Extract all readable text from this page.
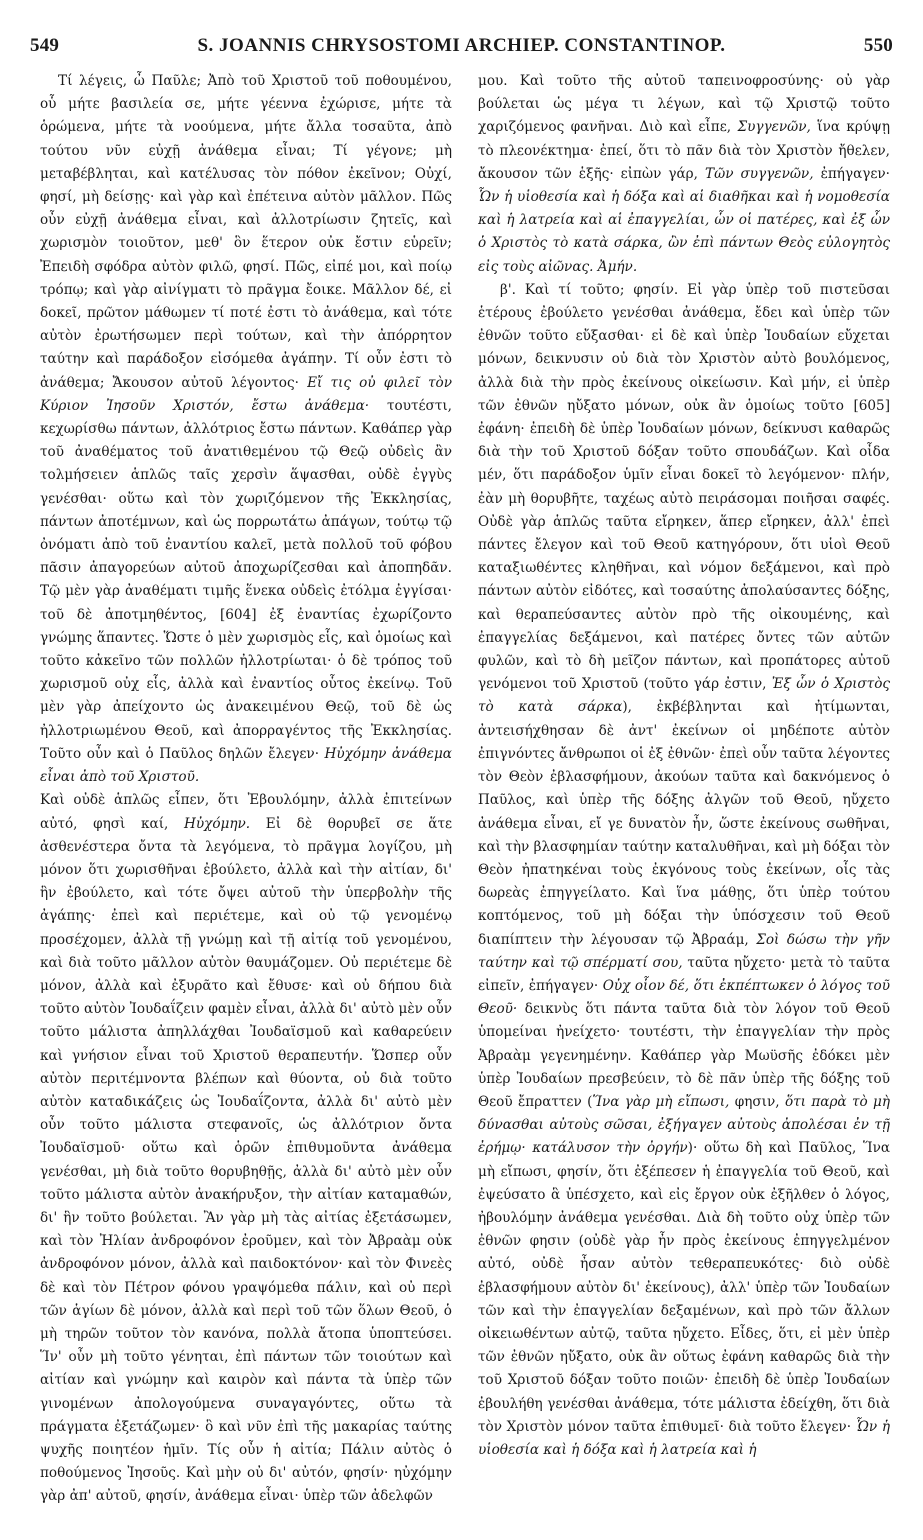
549	S. JOANNIS CHRYSOSTOMI ARCHIEP. CONSTANTINOP.	550

Τί λέγεις, ὦ Παῦλε; Ἀπὸ τοῦ Χριστοῦ τοῦ ποθουμένου, οὗ μήτε βασιλεία σε, μήτε γέεννα ἐχώρισε, μήτε τὰ ὁρώμενα, μήτε τὰ νοούμενα, μήτε ἄλλα τοσαῦτα, ἀπὸ τούτου νῦν εὐχῇ ἀνάθεμα εἶναι; Τί γέγονε; μὴ μεταβέβληται, καὶ κατέλυσας τὸν πόθον ἐκεῖνον; Οὐχί, φησί, μὴ δείσῃς· καὶ γὰρ καὶ ἐπέτεινα αὐτὸν μᾶλλον. Πῶς οὖν εὐχῇ ἀνάθεμα εἶναι, καὶ ἀλλοτρίωσιν ζητεῖς, καὶ χωρισμὸν τοιοῦτον, μεθ' ὃν ἕτερον οὐκ ἔστιν εὑρεῖν; Ἐπειδὴ σφόδρα αὐτὸν φιλῶ, φησί. Πῶς, εἰπέ μοι, καὶ ποίῳ τρόπῳ; καὶ γὰρ αἰνίγματι τὸ πρᾶγμα ἔοικε. Μᾶλλον δέ, εἰ δοκεῖ, πρῶτον μάθωμεν τί ποτέ ἐστι τὸ ἀνάθεμα, καὶ τότε αὐτὸν ἐρωτήσωμεν περὶ τούτων, καὶ τὴν ἀπόρρητον ταύτην καὶ παράδοξον εἰσόμεθα ἀγάπην. Τί οὖν ἐστι τὸ ἀνάθεμα; Ἄκουσον αὐτοῦ λέγοντος· Εἴ τις οὐ φιλεῖ τὸν Κύριον Ἰησοῦν Χριστόν, ἔστω ἀνάθεμα· τουτέστι, κεχωρίσθω πάντων, ἀλλότριος ἔστω πάντων. Καθάπερ γὰρ τοῦ ἀναθέματος τοῦ ἀνατιθεμένου τῷ Θεῷ οὐδεὶς ἂν τολμήσειεν ἁπλῶς ταῖς χερσὶν ἅψασθαι, οὐδὲ ἐγγὺς γενέσθαι· οὕτω καὶ τὸν χωριζόμενον τῆς Ἐκκλησίας, πάντων ἀποτέμνων, καὶ ὡς πορρωτάτω ἀπάγων, τούτῳ τῷ ὀνόματι ἀπὸ τοῦ ἐναντίου καλεῖ, μετὰ πολλοῦ τοῦ φόβου πᾶσιν ἀπαγορεύων αὐτοῦ ἀποχωρίζεσθαι καὶ ἀποπηδᾶν. Τῷ μὲν γὰρ ἀναθέματι τιμῆς ἕνεκα οὐδεὶς ἐτόλμα ἐγγίσαι· τοῦ δὲ ἀποτμηθέντος, [604] ἐξ ἐναντίας ἐχωρίζοντο γνώμης ἅπαντες. Ὥστε ὁ μὲν χωρισμὸς εἷς, καὶ ὁμοίως καὶ τοῦτο κἀκεῖνο τῶν πολλῶν ἠλλοτρίωται· ὁ δὲ τρόπος τοῦ χωρισμοῦ οὐχ εἷς, ἀλλὰ καὶ ἐναντίος οὗτος ἐκείνῳ. Τοῦ μὲν γὰρ ἀπείχοντο ὡς ἀνακειμένου Θεῷ, τοῦ δὲ ὡς ἠλλοτριωμένου Θεοῦ, καὶ ἀπορραγέντος τῆς Ἐκκλησίας. Τοῦτο οὖν καὶ ὁ Παῦλος δηλῶν ἔλεγεν· Ηὐχόμην ἀνάθεμα εἶναι ἀπὸ τοῦ Χριστοῦ.

Καὶ οὐδὲ ἁπλῶς εἶπεν, ὅτι Ἐβουλόμην, ἀλλὰ ἐπιτείνων αὐτό, φησὶ καί, Ηὐχόμην. Εἰ δὲ θορυβεῖ σε ἅτε ἀσθενέστερα ὄντα τὰ λεγόμενα, τὸ πρᾶγμα λογίζου, μὴ μόνον ὅτι χωρισθῆναι ἐβούλετο, ἀλλὰ καὶ τὴν αἰτίαν, δι' ἣν ἐβούλετο, καὶ τότε ὄψει αὐτοῦ τὴν ὑπερβολὴν τῆς ἀγάπης· ἐπεὶ καὶ περιέτεμε, καὶ οὐ τῷ γενομένῳ προσέχομεν, ἀλλὰ τῇ γνώμῃ καὶ τῇ αἰτίᾳ τοῦ γενομένου, καὶ διὰ τοῦτο μᾶλλον αὐτὸν θαυμάζομεν. Οὐ περιέτεμε δὲ μόνον, ἀλλὰ καὶ ἐξυρᾶτο καὶ ἔθυσε· καὶ οὐ δήπου διὰ τοῦτο αὐτὸν Ἰουδαΐζειν φαμὲν εἶναι, ἀλλὰ δι' αὐτὸ μὲν οὖν τοῦτο μάλιστα ἀπηλλάχθαι Ἰουδαϊσμοῦ καὶ καθαρεύειν καὶ γνήσιον εἶναι τοῦ Χριστοῦ θεραπευτήν. Ὥσπερ οὖν αὐτὸν περιτέμνοντα βλέπων καὶ θύοντα, οὐ διὰ τοῦτο αὐτὸν καταδικάζεις ὡς Ἰουδαΐζοντα, ἀλλὰ δι' αὐτὸ μὲν οὖν τοῦτο μάλιστα στεφανοῖς, ὡς ἀλλότριον ὄντα Ἰουδαϊσμοῦ· οὕτω καὶ ὁρῶν ἐπιθυμοῦντα ἀνάθεμα γενέσθαι, μὴ διὰ τοῦτο θορυβηθῇς, ἀλλὰ δι' αὐτὸ μὲν οὖν τοῦτο μάλιστα αὐτὸν ἀνακήρυξον, τὴν αἰτίαν καταμαθών, δι' ἣν τοῦτο βούλεται. Ἂν γὰρ μὴ τὰς αἰτίας ἐξετάσωμεν, καὶ τὸν Ἠλίαν ἀνδροφόνον ἐροῦμεν, καὶ τὸν Ἀβραὰμ οὐκ ἀνδροφόνον μόνον, ἀλλὰ καὶ παιδοκτόνον· καὶ τὸν Φινεὲς δὲ καὶ τὸν Πέτρον φόνου γραψόμεθα πάλιν, καὶ οὐ περὶ τῶν ἁγίων δὲ μόνον, ἀλλὰ καὶ περὶ τοῦ τῶν ὅλων Θεοῦ, ὁ μὴ τηρῶν τοῦτον τὸν κανόνα, πολλὰ ἄτοπα ὑποπτεύσει. Ἵν' οὖν μὴ τοῦτο γένηται, ἐπὶ πάντων τῶν τοιούτων καὶ αἰτίαν καὶ γνώμην καὶ καιρὸν καὶ πάντα τὰ ὑπὲρ τῶν γινομένων ἀπολογούμενα συναγαγόντες, οὕτω τὰ πράγματα ἐξετάζωμεν· ὃ καὶ νῦν ἐπὶ τῆς μακαρίας ταύτης ψυχῆς ποιητέον ἡμῖν. Τίς οὖν ἡ αἰτία; Πάλιν αὐτὸς ὁ ποθούμενος Ἰησοῦς. Καὶ μὴν οὐ δι' αὐτόν, φησίν· ηὐχόμην γὰρ ἀπ' αὐτοῦ, φησίν, ἀνάθεμα εἶναι· ὑπὲρ τῶν ἀδελφῶν

μου. Καὶ τοῦτο τῆς αὐτοῦ ταπεινοφροσύνης· οὐ γὰρ βούλεται ὡς μέγα τι λέγων, καὶ τῷ Χριστῷ τοῦτο χαριζόμενος φανῆναι. Διὸ καὶ εἶπε, Συγγενῶν, ἵνα κρύψῃ τὸ πλεονέκτημα· ἐπεί, ὅτι τὸ πᾶν διὰ τὸν Χριστὸν ἤθελεν, ἄκουσον τῶν ἑξῆς· εἰπὼν γάρ, Τῶν συγγενῶν, ἐπήγαγεν· Ὧν ἡ υἱοθεσία καὶ ἡ δόξα καὶ αἱ διαθῆκαι καὶ ἡ νομοθεσία καὶ ἡ λατρεία καὶ αἱ ἐπαγγελίαι, ὧν οἱ πατέρες, καὶ ἐξ ὧν ὁ Χριστὸς τὸ κατὰ σάρκα, ὢν ἐπὶ πάντων Θεὸς εὐλογητὸς εἰς τοὺς αἰῶνας. Ἀμήν.

β'. Καὶ τί τοῦτο; φησίν. Εἰ γὰρ ὑπὲρ τοῦ πιστεῦσαι ἑτέρους ἐβούλετο γενέσθαι ἀνάθεμα, ἔδει καὶ ὑπὲρ τῶν ἐθνῶν τοῦτο εὔξασθαι· εἰ δὲ καὶ ὑπὲρ Ἰουδαίων εὔχεται μόνων, δεικνυσιν οὐ διὰ τὸν Χριστὸν αὐτὸ βουλόμενος, ἀλλὰ διὰ τὴν πρὸς ἐκείνους οἰκείωσιν. Καὶ μήν, εἰ ὑπὲρ τῶν ἐθνῶν ηὔξατο μόνων, οὐκ ἂν ὁμοίως τοῦτο [605] ἐφάνη· ἐπειδὴ δὲ ὑπὲρ Ἰουδαίων μόνων, δείκνυσι καθαρῶς διὰ τὴν τοῦ Χριστοῦ δόξαν τοῦτο σπουδάζων. Καὶ οἶδα μέν, ὅτι παράδοξον ὑμῖν εἶναι δοκεῖ τὸ λεγόμενον· πλήν, ἐὰν μὴ θορυβῆτε, ταχέως αὐτὸ πειράσομαι ποιῆσαι σαφές. Οὐδὲ γὰρ ἁπλῶς ταῦτα εἴρηκεν, ἅπερ εἴρηκεν, ἀλλ' ἐπεὶ πάντες ἔλεγον καὶ τοῦ Θεοῦ κατηγόρουν, ὅτι υἱοὶ Θεοῦ καταξιωθέντες κληθῆναι, καὶ νόμον δεξάμενοι, καὶ πρὸ πάντων αὐτὸν εἰδότες, καὶ τοσαύτης ἀπολαύσαντες δόξης, καὶ θεραπεύσαντες αὐτὸν πρὸ τῆς οἰκουμένης, καὶ ἐπαγγελίας δεξάμενοι, καὶ πατέρες ὄντες τῶν αὐτῶν φυλῶν, καὶ τὸ δὴ μεῖζον πάντων, καὶ προπάτορες αὐτοῦ γενόμενοι τοῦ Χριστοῦ (τοῦτο γάρ ἐστιν, Ἐξ ὧν ὁ Χριστὸς τὸ κατὰ σάρκα), ἐκβέβληνται καὶ ἠτίμωνται, ἀντεισήχθησαν δὲ ἀντ' ἐκείνων οἱ μηδέποτε αὐτὸν ἐπιγνόντες ἄνθρωποι οἱ ἐξ ἐθνῶν· ἐπεὶ οὖν ταῦτα λέγοντες τὸν Θεὸν ἐβλασφήμουν, ἀκούων ταῦτα καὶ δακνόμενος ὁ Παῦλος, καὶ ὑπὲρ τῆς δόξης ἀλγῶν τοῦ Θεοῦ, ηὔχετο ἀνάθεμα εἶναι, εἴ γε δυνατὸν ἦν, ὥστε ἐκείνους σωθῆναι, καὶ τὴν βλασφημίαν ταύτην καταλυθῆναι, καὶ μὴ δόξαι τὸν Θεὸν ἠπατηκέναι τοὺς ἐκγόνους τοὺς ἐκείνων, οἷς τὰς δωρεὰς ἐπηγγείλατο. Καὶ ἵνα μάθῃς, ὅτι ὑπὲρ τούτου κοπτόμενος, τοῦ μὴ δόξαι τὴν ὑπόσχεσιν τοῦ Θεοῦ διαπίπτειν τὴν λέγουσαν τῷ Ἀβραάμ, Σοὶ δώσω τὴν γῆν ταύτην καὶ τῷ σπέρματί σου, ταῦτα ηὔχετο· μετὰ τὸ ταῦτα εἰπεῖν, ἐπήγαγεν· Οὐχ οἷον δέ, ὅτι ἐκπέπτωκεν ὁ λόγος τοῦ Θεοῦ· δεικνὺς ὅτι πάντα ταῦτα διὰ τὸν λόγον τοῦ Θεοῦ ὑπομείναι ἠνείχετο· τουτέστι, τὴν ἐπαγγελίαν τὴν πρὸς Ἀβραὰμ γεγενημένην. Καθάπερ γὰρ Μωϋσῆς ἐδόκει μὲν ὑπὲρ Ἰουδαίων πρεσβεύειν, τὸ δὲ πᾶν ὑπὲρ τῆς δόξης τοῦ Θεοῦ ἔπραττεν (Ἵνα γὰρ μὴ εἴπωσι, φησιν, ὅτι παρὰ τὸ μὴ δύνασθαι αὐτοὺς σῶσαι, ἐξήγαγεν αὐτοὺς ἀπολέσαι ἐν τῇ ἐρήμῳ· κατάλυσον τὴν ὀργήν)· οὕτω δὴ καὶ Παῦλος, Ἵνα μὴ εἴπωσι, φησίν, ὅτι ἐξέπεσεν ἡ ἐπαγγελία τοῦ Θεοῦ, καὶ ἐψεύσατο ἃ ὑπέσχετο, καὶ εἰς ἔργον οὐκ ἐξῆλθεν ὁ λόγος, ἠβουλόμην ἀνάθεμα γενέσθαι. Διὰ δὴ τοῦτο οὐχ ὑπὲρ τῶν ἐθνῶν φησιν (οὐδὲ γὰρ ἦν πρὸς ἐκείνους ἐπηγγελμένον αὐτό, οὐδὲ ἦσαν αὐτὸν τεθεραπευκότες· διὸ οὐδὲ ἐβλασφήμουν αὐτὸν δι' ἐκείνους), ἀλλ' ὑπὲρ τῶν Ἰουδαίων τῶν καὶ τὴν ἐπαγγελίαν δεξαμένων, καὶ πρὸ τῶν ἄλλων οἰκειωθέντων αὐτῷ, ταῦτα ηὔχετο. Εἶδες, ὅτι, εἰ μὲν ὑπὲρ τῶν ἐθνῶν ηὔξατο, οὐκ ἂν οὕτως ἐφάνη καθαρῶς διὰ τὴν τοῦ Χριστοῦ δόξαν τοῦτο ποιῶν· ἐπειδὴ δὲ ὑπὲρ Ἰουδαίων ἐβουλήθη γενέσθαι ἀνάθεμα, τότε μάλιστα ἐδείχθη, ὅτι διὰ τὸν Χριστὸν μόνον ταῦτα ἐπιθυμεῖ· διὰ τοῦτο ἔλεγεν· Ὧν ἡ υἱοθεσία καὶ ἡ δόξα καὶ ἡ λατρεία καὶ ἡ
